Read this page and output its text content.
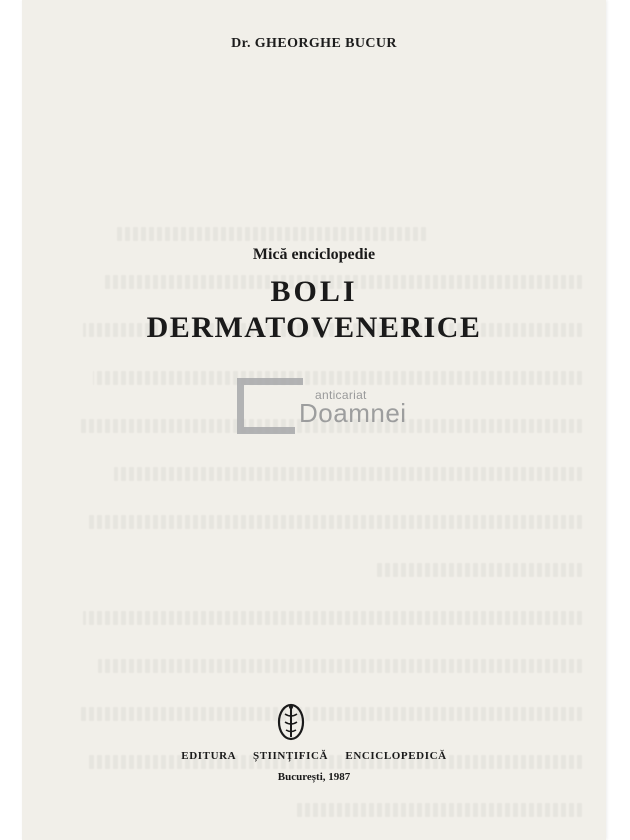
Dr. GHEORGHE BUCUR
Mică enciclopedie
BOLI
DERMATOVENERICE
anticariat
Doamnei
EDITURA ȘTIINȚIFICĂ ENCICLOPEDICĂ
București, 1987
